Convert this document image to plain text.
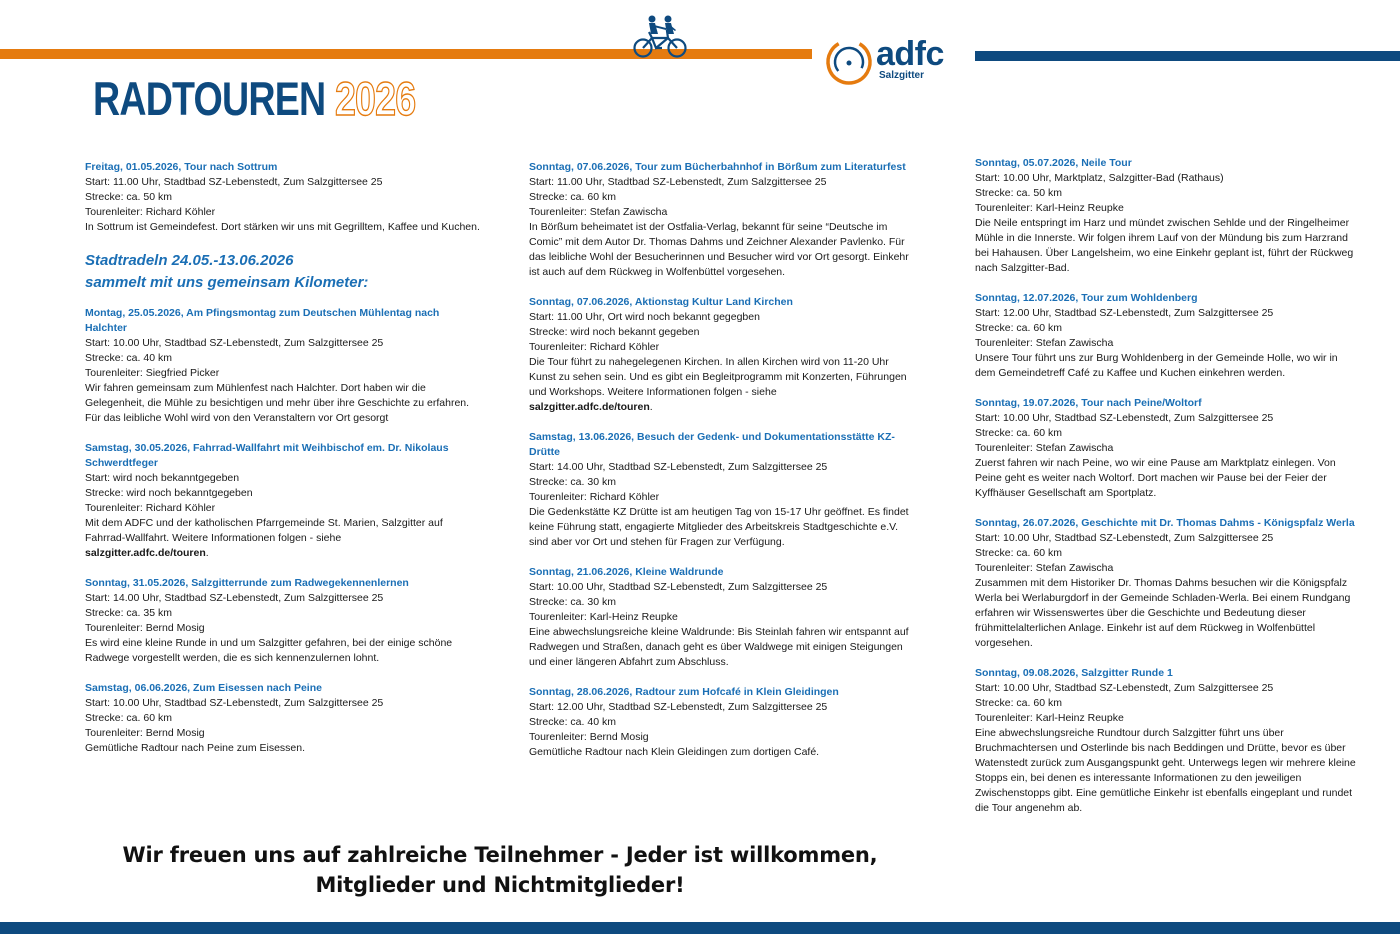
adfc
Salzgitter
RADTOUREN 2026
Freitag, 01.05.2026, Tour nach Sottrum
Start: 11.00 Uhr, Stadtbad SZ-Lebenstedt, Zum Salzgittersee 25
Strecke: ca. 50 km
Tourenleiter: Richard Köhler
In Sottrum ist Gemeindefest. Dort stärken wir uns mit Gegrilltem, Kaffee und Kuchen.
Stadtradeln 24.05.-13.06.2026
sammelt mit uns gemeinsam Kilometer:
Montag, 25.05.2026, Am Pfingsmontag zum Deutschen Mühlentag nach Halchter
Start: 10.00 Uhr, Stadtbad SZ-Lebenstedt, Zum Salzgittersee 25
Strecke: ca. 40 km
Tourenleiter: Siegfried Picker
Wir fahren gemeinsam zum Mühlenfest nach Halchter. Dort haben wir die Gelegenheit, die Mühle zu besichtigen und mehr über ihre Geschichte zu erfahren. Für das leibliche Wohl wird von den Veranstaltern vor Ort gesorgt
Samstag, 30.05.2026, Fahrrad-Wallfahrt mit Weihbischof em. Dr. Nikolaus Schwerdtfeger
Start: wird noch bekanntgegeben
Strecke: wird noch bekanntgegeben
Tourenleiter: Richard Köhler
Mit dem ADFC und der katholischen Pfarrgemeinde St. Marien, Salzgitter auf Fahrrad-Wallfahrt. Weitere Informationen folgen - siehe
salzgitter.adfc.de/touren.
Sonntag, 31.05.2026, Salzgitterrunde zum Radwegekennenlernen
Start: 14.00 Uhr, Stadtbad SZ-Lebenstedt, Zum Salzgittersee 25
Strecke: ca. 35 km
Tourenleiter: Bernd Mosig
Es wird eine kleine Runde in und um Salzgitter gefahren, bei der einige schöne Radwege vorgestellt werden, die es sich kennenzulernen lohnt.
Samstag, 06.06.2026, Zum Eisessen nach Peine
Start: 10.00 Uhr, Stadtbad SZ-Lebenstedt, Zum Salzgittersee 25
Strecke: ca. 60 km
Tourenleiter: Bernd Mosig
Gemütliche Radtour nach Peine zum Eisessen.
Sonntag, 07.06.2026, Tour zum Bücherbahnhof in Börßum zum Literaturfest
Start: 11.00 Uhr, Stadtbad SZ-Lebenstedt, Zum Salzgittersee 25
Strecke: ca. 60 km
Tourenleiter: Stefan Zawischa
In Börßum beheimatet ist der Ostfalia-Verlag, bekannt für seine “Deutsche im Comic” mit dem Autor Dr. Thomas Dahms und Zeichner Alexander Pavlenko. Für das leibliche Wohl der Besucherinnen und Besucher wird vor Ort gesorgt. Einkehr ist auch auf dem Rückweg in Wolfenbüttel vorgesehen.
Sonntag, 07.06.2026, Aktionstag Kultur Land Kirchen
Start: 11.00 Uhr, Ort wird noch bekannt gegegben
Strecke: wird noch bekannt gegeben
Tourenleiter: Richard Köhler
Die Tour führt zu nahegelegenen Kirchen. In allen Kirchen wird von 11-20 Uhr Kunst zu sehen sein. Und es gibt ein Begleitprogramm mit Konzerten, Führungen und Workshops. Weitere Informationen folgen - siehe
salzgitter.adfc.de/touren.
Samstag, 13.06.2026, Besuch der Gedenk- und Dokumentationsstätte KZ-Drütte
Start: 14.00 Uhr, Stadtbad SZ-Lebenstedt, Zum Salzgittersee 25
Strecke: ca. 30 km
Tourenleiter: Richard Köhler
Die Gedenkstätte KZ Drütte ist am heutigen Tag von 15-17 Uhr geöffnet. Es findet keine Führung statt, engagierte Mitglieder des Arbeitskreis Stadtgeschichte e.V. sind aber vor Ort und stehen für Fragen zur Verfügung.
Sonntag, 21.06.2026, Kleine Waldrunde
Start: 10.00 Uhr, Stadtbad SZ-Lebenstedt, Zum Salzgittersee 25
Strecke: ca. 30 km
Tourenleiter: Karl-Heinz Reupke
Eine abwechslungsreiche kleine Waldrunde: Bis Steinlah fahren wir entspannt auf Radwegen und Straßen, danach geht es über Waldwege mit einigen Steigungen und einer längeren Abfahrt zum Abschluss.
Sonntag, 28.06.2026, Radtour zum Hofcafé in Klein Gleidingen
Start: 12.00 Uhr, Stadtbad SZ-Lebenstedt, Zum Salzgittersee 25
Strecke: ca. 40 km
Tourenleiter: Bernd Mosig
Gemütliche Radtour nach Klein Gleidingen zum dortigen Café.
Sonntag, 05.07.2026, Neile Tour
Start: 10.00 Uhr, Marktplatz, Salzgitter-Bad (Rathaus)
Strecke: ca. 50 km
Tourenleiter: Karl-Heinz Reupke
Die Neile entspringt im Harz und mündet zwischen Sehlde und der Ringelheimer Mühle in die Innerste. Wir folgen ihrem Lauf von der Mündung bis zum Harzrand bei Hahausen. Über Langelsheim, wo eine Einkehr geplant ist, führt der Rückweg nach Salzgitter-Bad.
Sonntag, 12.07.2026, Tour zum Wohldenberg
Start: 12.00 Uhr, Stadtbad SZ-Lebenstedt, Zum Salzgittersee 25
Strecke: ca. 60 km
Tourenleiter: Stefan Zawischa
Unsere Tour führt uns zur Burg Wohldenberg in der Gemeinde Holle, wo wir in dem Gemeindetreff Café zu Kaffee und Kuchen einkehren werden.
Sonntag, 19.07.2026, Tour nach Peine/Woltorf
Start: 10.00 Uhr, Stadtbad SZ-Lebenstedt, Zum Salzgittersee 25
Strecke: ca. 60 km
Tourenleiter: Stefan Zawischa
Zuerst fahren wir nach Peine, wo wir eine Pause am Marktplatz einlegen. Von Peine geht es weiter nach Woltorf. Dort machen wir Pause bei der Feier der Kyffhäuser Gesellschaft am Sportplatz.
Sonntag, 26.07.2026, Geschichte mit Dr. Thomas Dahms - Königspfalz Werla
Start: 10.00 Uhr, Stadtbad SZ-Lebenstedt, Zum Salzgittersee 25
Strecke: ca. 60 km
Tourenleiter: Stefan Zawischa
Zusammen mit dem Historiker Dr. Thomas Dahms besuchen wir die Königspfalz Werla bei Werlaburgdorf in der Gemeinde Schladen-Werla. Bei einem Rundgang erfahren wir Wissenswertes über die Geschichte und Bedeutung dieser frühmittelalterlichen Anlage. Einkehr ist auf dem Rückweg in Wolfenbüttel vorgesehen.
Sonntag, 09.08.2026, Salzgitter Runde 1
Start: 10.00 Uhr, Stadtbad SZ-Lebenstedt, Zum Salzgittersee 25
Strecke: ca. 60 km
Tourenleiter: Karl-Heinz Reupke
Eine abwechslungsreiche Rundtour durch Salzgitter führt uns über Bruchmachtersen und Osterlinde bis nach Beddingen und Drütte, bevor es über Watenstedt zurück zum Ausgangspunkt geht. Unterwegs legen wir mehrere kleine Stopps ein, bei denen es interessante Informationen zu den jeweiligen Zwischenstopps gibt. Eine gemütliche Einkehr ist ebenfalls eingeplant und rundet die Tour angenehm ab.
Wir freuen uns auf zahlreiche Teilnehmer - Jeder ist willkommen,
Mitglieder und Nichtmitglieder!
